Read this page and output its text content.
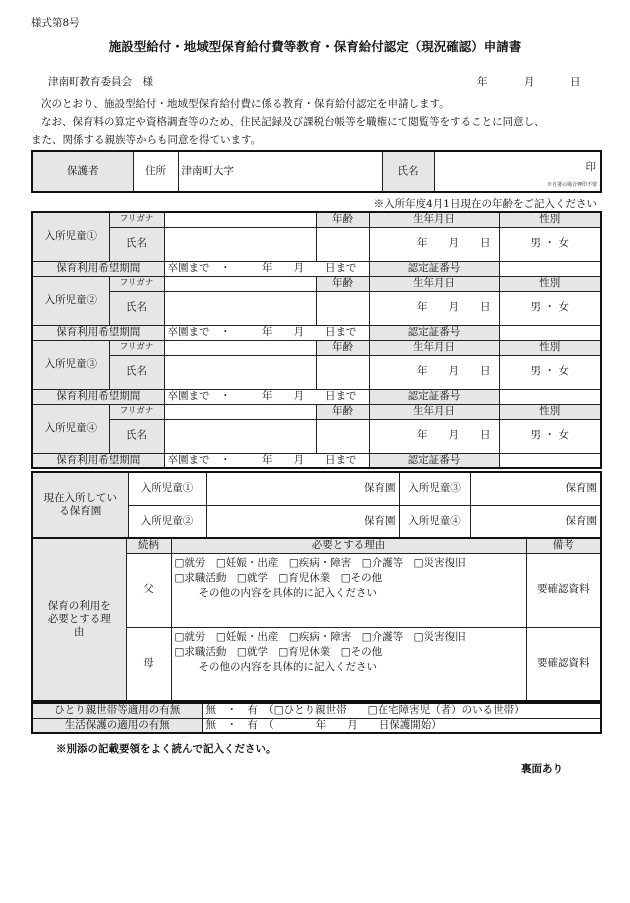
様式第8号
施設型給付・地域型保育給付費等教育・保育給付認定（現況確認）申請書
津南町教育委員会　様	年	月	日
次のとおり、施設型給付・地域型保育給付費に係る教育・保育給付認定を申請します。
なお、保育料の算定や資格調査等のため、住民記録及び課税台帳等を職権にて閲覧等をすることに同意し、
また、関係する親族等からも同意を得ています。
保護者	住所	津南町大字	氏名	印
※自署の場合押印不要
※入所年度4月1日現在の年齢をご記入ください
入所児童①	フリガナ		年齢	生年月日	性別
	氏名			年　　月　　日	男 ・ 女
保育利用希望期間		卒園まで　・　　　年　　月　　日まで		認定証番号	
入所児童②	フリガナ		年齢	生年月日	性別
	氏名			年　　月　　日	男 ・ 女
保育利用希望期間		卒園まで　・　　　年　　月　　日まで		認定証番号	
入所児童③	フリガナ		年齢	生年月日	性別
	氏名			年　　月　　日	男 ・ 女
保育利用希望期間		卒園まで　・　　　年　　月　　日まで		認定証番号	
入所児童④	フリガナ		年齢	生年月日	性別
	氏名			年　　月　　日	男 ・ 女
保育利用希望期間		卒園まで　・　　　年　　月　　日まで		認定証番号	
現在入所している保育園	入所児童①	保育園	入所児童③	保育園
	入所児童②	保育園	入所児童④	保育園
保育の利用を必要とする理由	続柄	必要とする理由	備考
	父	□就労　□妊娠・出産　□疾病・障害　□介護等　□災害復旧
□求職活動　□就学　□育児休業　□その他
その他の内容を具体的に記入ください	要確認資料
	母	□就労　□妊娠・出産　□疾病・障害　□介護等　□災害復旧
□求職活動　□就学　□育児休業　□その他
その他の内容を具体的に記入ください	要確認資料
ひとり親世帯等適用の有無	無　・　有　（□ひとり親世帯　　□在宅障害児（者）のいる世帯）
生活保護の適用の有無	無　・　有　（　　　　年　　月　　日保護開始）
※別添の記載要領をよく読んで記入ください。
裏面あり
